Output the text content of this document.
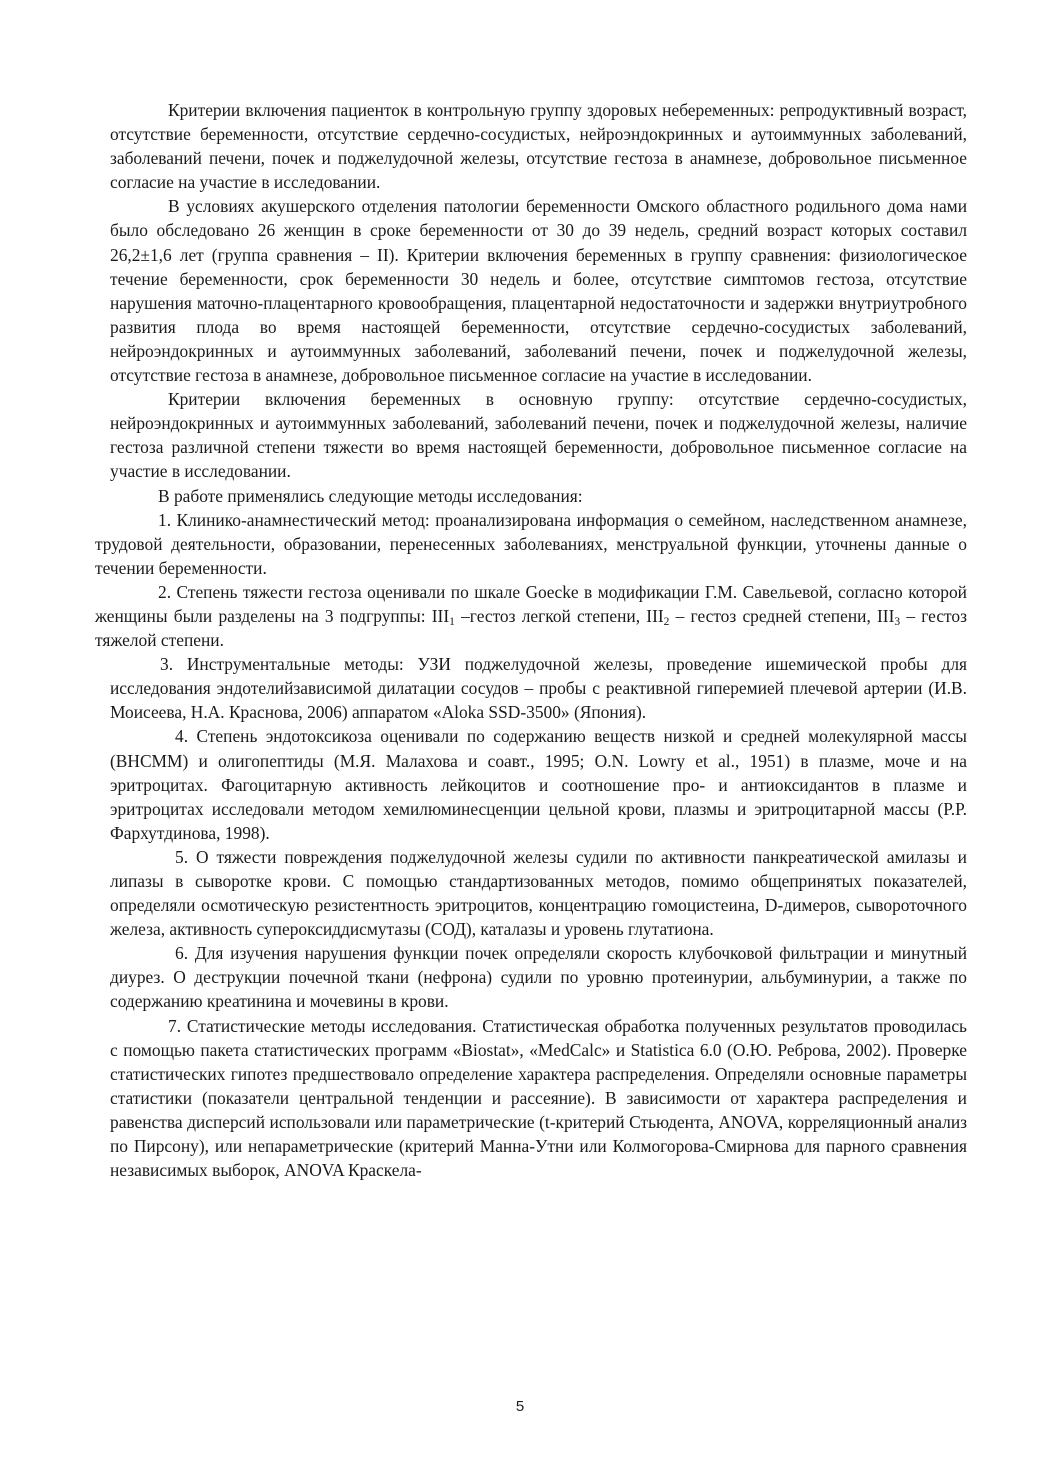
Критерии включения пациенток в контрольную группу здоровых небеременных: репродуктивный возраст, отсутствие беременности, отсутствие сердечно-сосудистых, нейроэндокринных и аутоиммунных заболеваний, заболеваний печени, почек и поджелудочной железы, отсутствие гестоза в анамнезе, добровольное письменное согласие на участие в исследовании.

В условиях акушерского отделения патологии беременности Омского областного родильного дома нами было обследовано 26 женщин в сроке беременности от 30 до 39 недель, средний возраст которых составил 26,2±1,6 лет (группа сравнения – II). Критерии включения беременных в группу сравнения: физиологическое течение беременности, срок беременности 30 недель и более, отсутствие симптомов гестоза, отсутствие нарушения маточно-плацентарного кровообращения, плацентарной недостаточности и задержки внутриутробного развития плода во время настоящей беременности, отсутствие сердечно-сосудистых заболеваний, нейроэндокринных и аутоиммунных заболеваний, заболеваний печени, почек и поджелудочной железы, отсутствие гестоза в анамнезе, добровольное письменное согласие на участие в исследовании.

Критерии включения беременных в основную группу: отсутствие сердечно-сосудистых, нейроэндокринных и аутоиммунных заболеваний, заболеваний печени, почек и поджелудочной железы, наличие гестоза различной степени тяжести во время настоящей беременности, добровольное письменное согласие на участие в исследовании.

В работе применялись следующие методы исследования:

1. Клинико-анамнестический метод: проанализирована информация о семейном, наследственном анамнезе, трудовой деятельности, образовании, перенесенных заболеваниях, менструальной функции, уточнены данные о течении беременности.

2. Степень тяжести гестоза оценивали по шкале Goecke в модификации Г.М. Савельевой, согласно которой женщины были разделены на 3 подгруппы: $III_1$ –гестоз легкой степени, $III_2$ – гестоз средней степени, $III_3$ – гестоз тяжелой степени.

3. Инструментальные методы: УЗИ поджелудочной железы, проведение ишемической пробы для исследования эндотелийзависимой дилатации сосудов – пробы с реактивной гиперемией плечевой артерии (И.В. Моисеева, Н.А. Краснова, 2006) аппаратом «Aloka SSD-3500» (Япония).

4. Степень эндотоксикоза оценивали по содержанию веществ низкой и средней молекулярной массы (ВНСММ) и олигопептиды (М.Я. Малахова и соавт., 1995; O.N. Lowry et al., 1951) в плазме, моче и на эритроцитах. Фагоцитарную активность лейкоцитов и соотношение про- и антиоксидантов в плазме и эритроцитах исследовали методом хемилюминесценции цельной крови, плазмы и эритроцитарной массы (Р.Р. Фархутдинова, 1998).

5. О тяжести повреждения поджелудочной железы судили по активности панкреатической амилазы и липазы в сыворотке крови. С помощью стандартизованных методов, помимо общепринятых показателей, определяли осмотическую резистентность эритроцитов, концентрацию гомоцистеина, D-димеров, сывороточного железа, активность супероксиддисмутазы (СОД), каталазы и уровень глутатиона.

6. Для изучения нарушения функции почек определяли скорость клубочковой фильтрации и минутный диурез. О деструкции почечной ткани (нефрона) судили по уровню протеинурии, альбуминурии, а также по содержанию креатинина и мочевины в крови.

7. Статистические методы исследования. Статистическая обработка полученных результатов проводилась с помощью пакета статистических программ «Biostat», «MedCalc» и Statistica 6.0 (О.Ю. Реброва, 2002). Проверке статистических гипотез предшествовало определение характера распределения. Определяли основные параметры статистики (показатели центральной тенденции и рассеяние). В зависимости от характера распределения и равенства дисперсий использовали или параметрические (t-критерий Стьюдента, ANOVA, корреляционный анализ по Пирсону), или непараметрические (критерий Манна-Утни или Колмогорова-Смирнова для парного сравнения независимых выборок, ANOVA Краскела-

5
